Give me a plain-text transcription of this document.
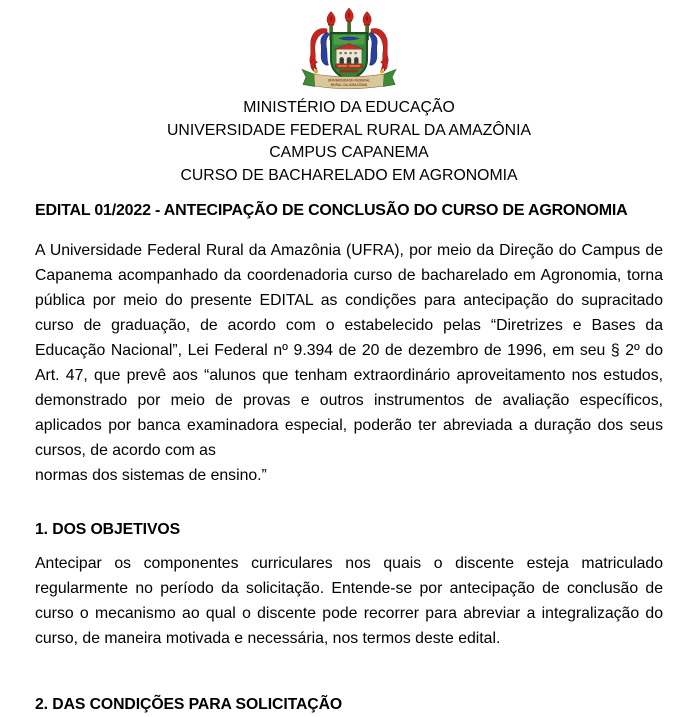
UNIVERSIDADE FEDERAL
RURAL DA AMAZÔNIA
MINISTÉRIO DA EDUCAÇÃO
UNIVERSIDADE FEDERAL RURAL DA AMAZÔNIA
CAMPUS CAPANEMA
CURSO DE BACHARELADO EM AGRONOMIA
EDITAL 01/2022 - ANTECIPAÇÃO DE CONCLUSÃO DO CURSO DE AGRONOMIA

A Universidade Federal Rural da Amazônia (UFRA), por meio da Direção do Campus de Capanema acompanhado da coordenadoria curso de bacharelado em Agronomia, torna pública por meio do presente EDITAL as condições para antecipação do supracitado curso de graduação, de acordo com o estabelecido pelas “Diretrizes e Bases da Educação Nacional”, Lei Federal nº 9.394 de 20 de dezembro de 1996, em seu § 2º do Art. 47, que prevê aos “alunos que tenham extraordinário aproveitamento nos estudos, demonstrado por meio de provas e outros instrumentos de avaliação específicos, aplicados por banca examinadora especial, poderão ter abreviada a duração dos seus cursos, de acordo com as

normas dos sistemas de ensino.”

1. DOS OBJETIVOS

Antecipar os componentes curriculares nos quais o discente esteja matriculado regularmente no período da solicitação. Entende-se por antecipação de conclusão de curso o mecanismo ao qual o discente pode recorrer para abreviar a integralização do curso, de maneira motivada e necessária, nos termos deste edital.

2. DAS CONDIÇÕES PARA SOLICITAÇÃO
